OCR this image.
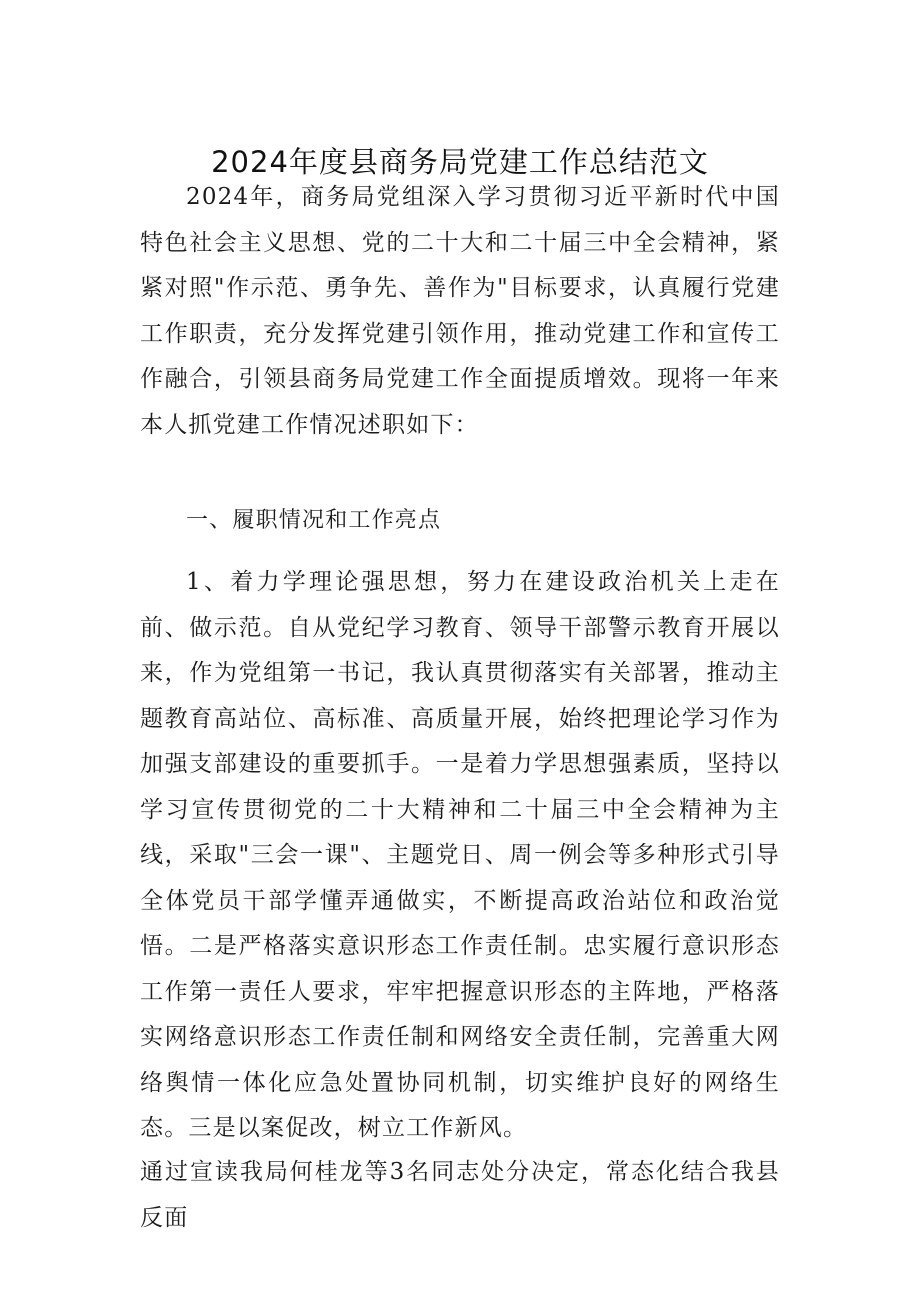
2024年度县商务局党建工作总结范文

2024年，商务局党组深入学习贯彻习近平新时代中国特色社会主义思想、党的二十大和二十届三中全会精神，紧紧对照"作示范、勇争先、善作为"目标要求，认真履行党建工作职责，充分发挥党建引领作用，推动党建工作和宣传工作融合，引领县商务局党建工作全面提质增效。现将一年来本人抓党建工作情况述职如下：

一、履职情况和工作亮点

1、着力学理论强思想，努力在建设政治机关上走在前、做示范。自从党纪学习教育、领导干部警示教育开展以来，作为党组第一书记，我认真贯彻落实有关部署，推动主题教育高站位、高标准、高质量开展，始终把理论学习作为加强支部建设的重要抓手。一是着力学思想强素质，坚持以学习宣传贯彻党的二十大精神和二十届三中全会精神为主线，采取"三会一课"、主题党日、周一例会等多种形式引导全体党员干部学懂弄通做实，不断提高政治站位和政治觉悟。二是严格落实意识形态工作责任制。忠实履行意识形态工作第一责任人要求，牢牢把握意识形态的主阵地，严格落实网络意识形态工作责任制和网络安全责任制，完善重大网络舆情一体化应急处置协同机制，切实维护良好的网络生态。三是以案促改，树立工作新风。

通过宣读我局何桂龙等3名同志处分决定，常态化结合我县反面
